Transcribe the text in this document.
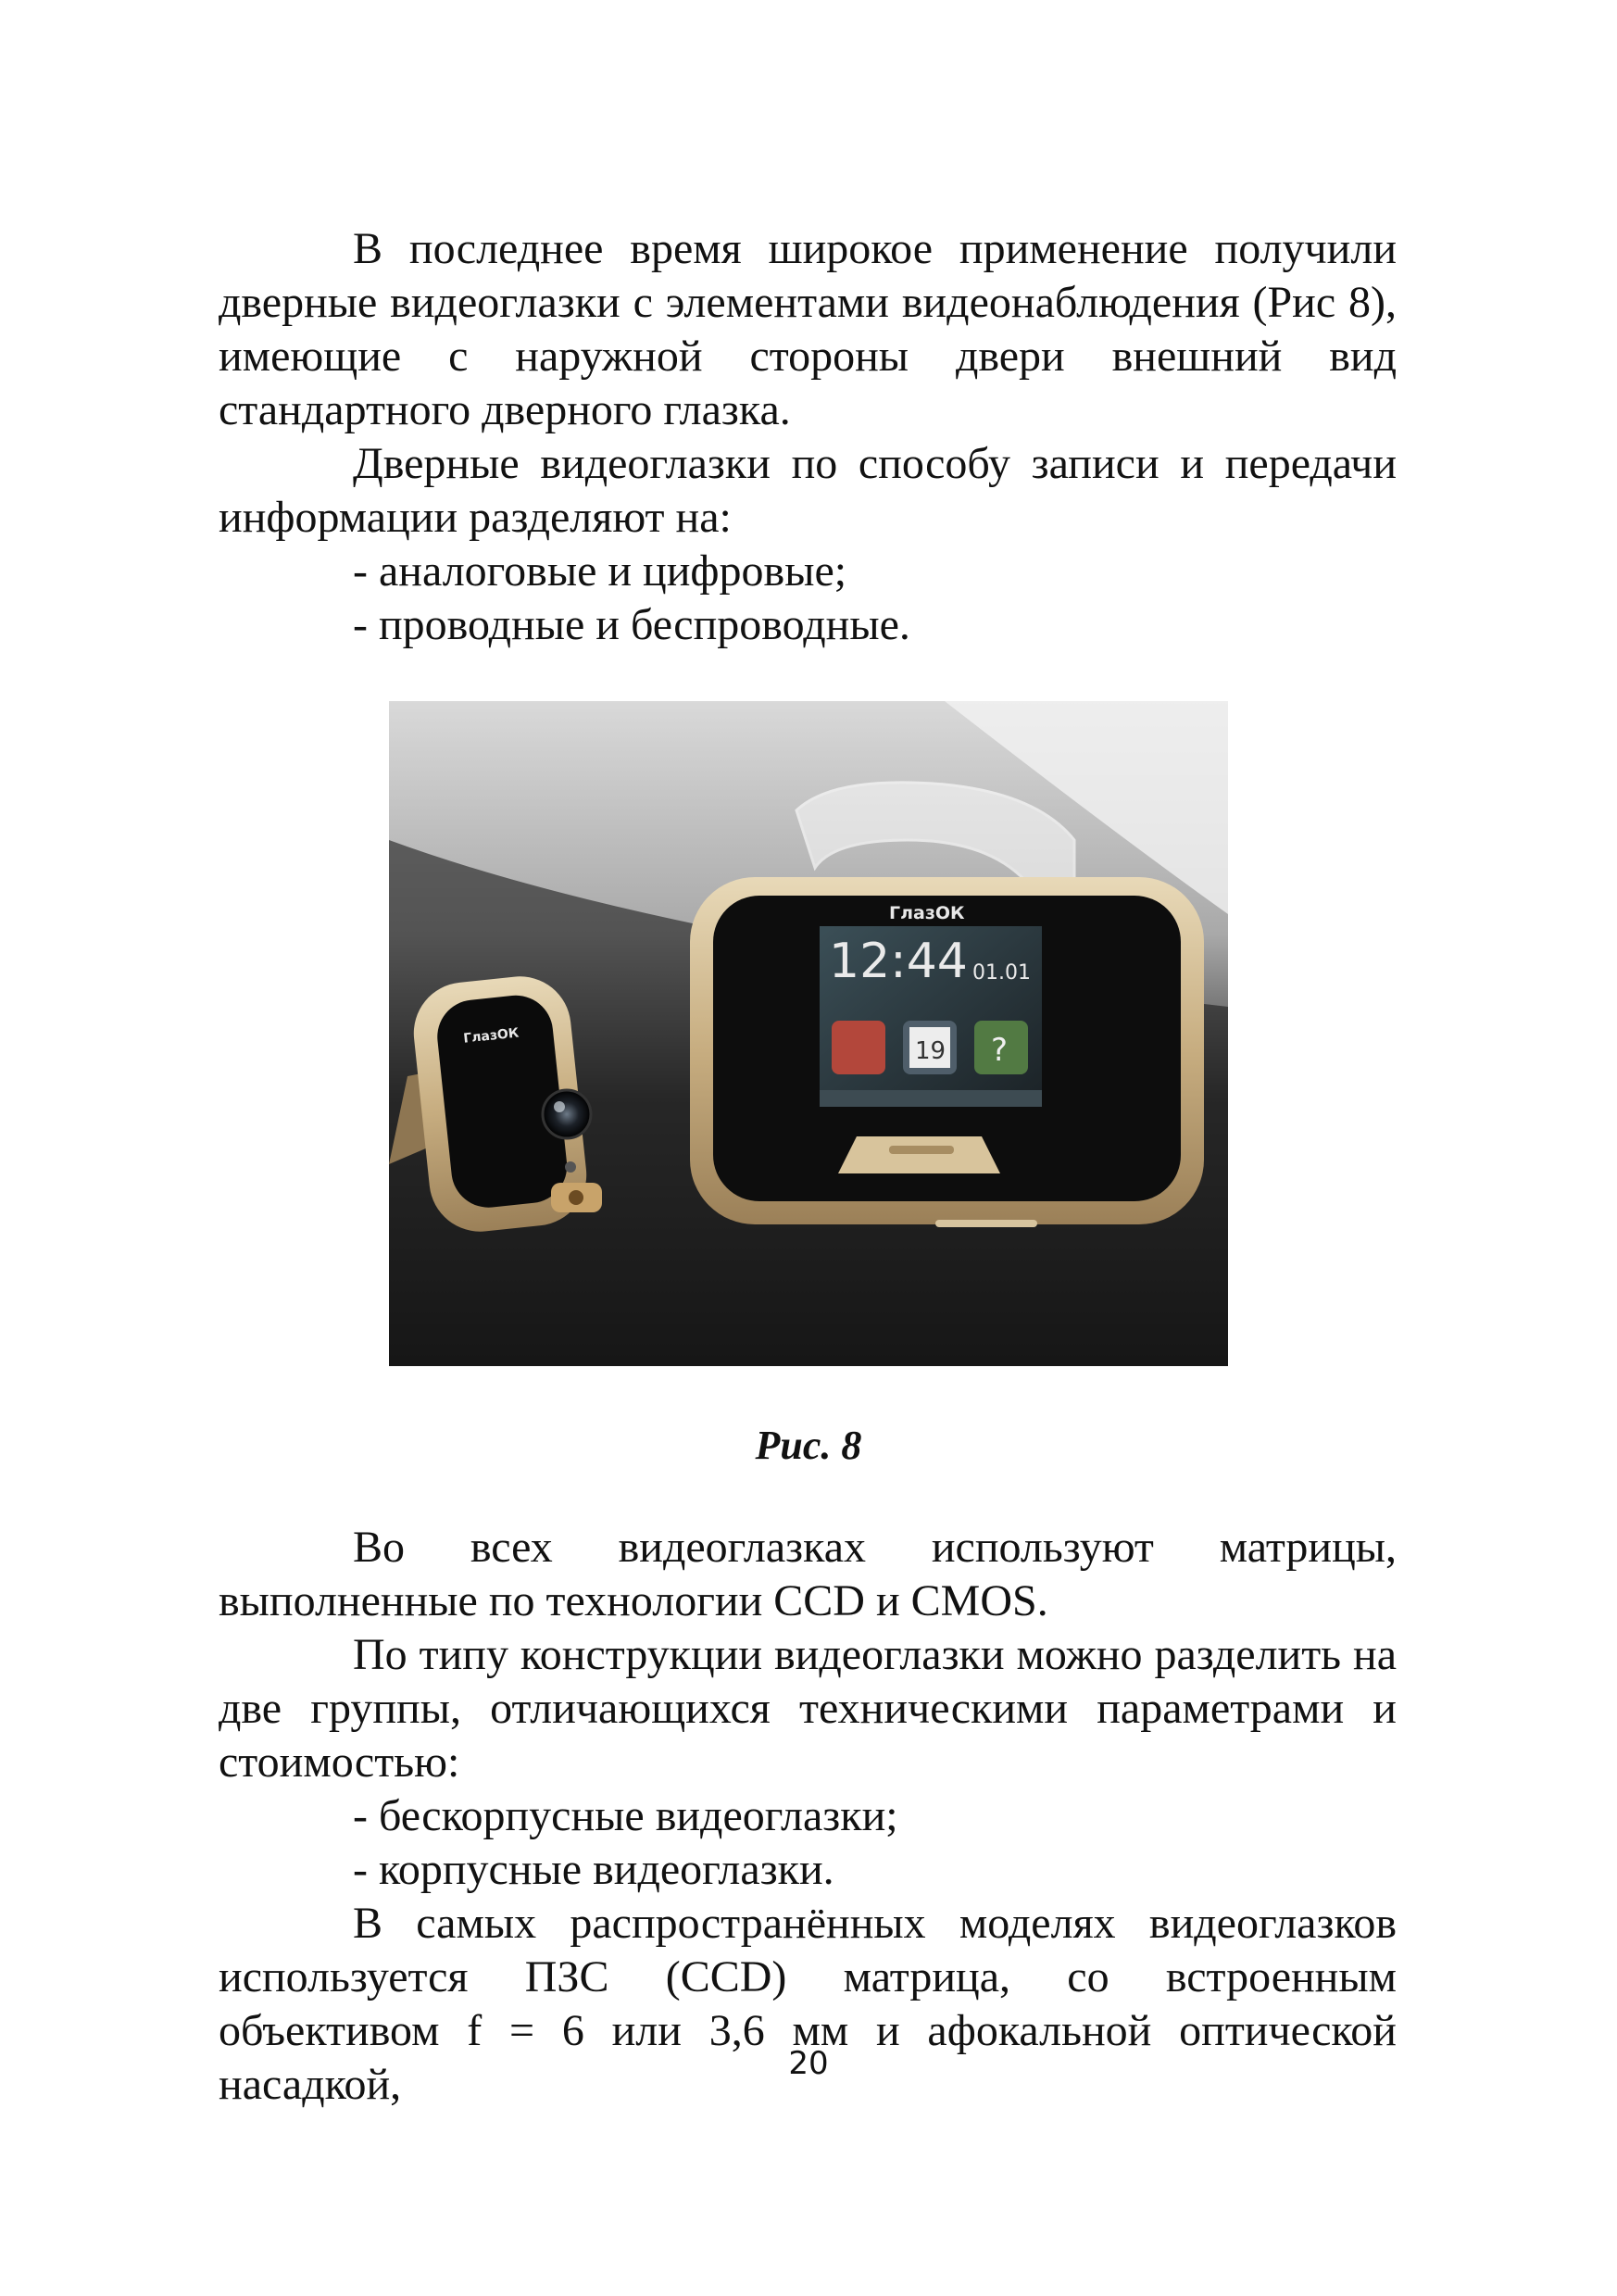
В последнее время широкое применение получили дверные видеоглазки с элементами видеонаблюдения (Рис 8), имеющие с наружной стороны двери внешний вид стандартного дверного глазка.

Дверные видеоглазки по способу записи и передачи информации разделяют на:

- аналоговые и цифровые;

- проводные и беспроводные.

ГлазОК
12:44 01.01
19 ?
ГлазОК
Рис. 8

Во всех видеоглазках используют матрицы, выполненные по технологии CCD и CMOS.

По типу конструкции видеоглазки можно разделить на две группы, отличающихся техническими параметрами и стоимостью:

- бескорпусные видеоглазки;

- корпусные видеоглазки.

В самых распространённых моделях видеоглазков используется ПЗС (CCD) матрица, со встроенным объективом f = 6 или 3,6 мм и афокальной оптической насадкой,	20
